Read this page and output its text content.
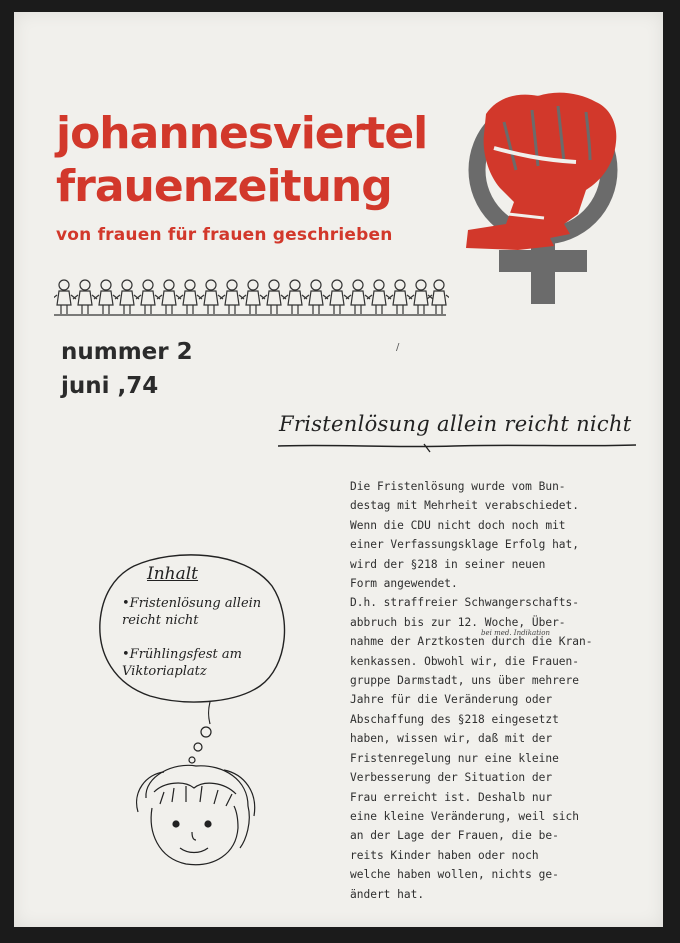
johannesviertel
frauenzeitung
von frauen für frauen geschrieben
nummer 2
juni ,74
/
Fristenlösung allein reicht nicht
Die Fristenlösung wurde vom Bun-
destag mit Mehrheit verabschiedet.
Wenn die CDU nicht doch noch mit
einer Verfassungsklage Erfolg hat,
wird der §218 in seiner neuen
Form angewendet.
D.h. straffreier Schwangerschafts-
abbruch bis zur 12. Woche, Über-
nahme der Arztkosten durch die Kran-
kenkassen. Obwohl wir, die Frauen-
gruppe Darmstadt, uns über mehrere
Jahre für die Veränderung oder
Abschaffung des §218 eingesetzt
haben, wissen wir, daß mit der
Fristenregelung nur eine kleine
Verbesserung der Situation der
Frau erreicht ist. Deshalb nur
eine kleine Veränderung, weil sich
an der Lage der Frauen, die be-
reits Kinder haben oder noch
welche haben wollen, nichts ge-
ändert hat.
bei med. Indikation
Inhalt
•Fristenlösung allein reicht nicht
•Frühlingsfest am Viktoriaplatz
